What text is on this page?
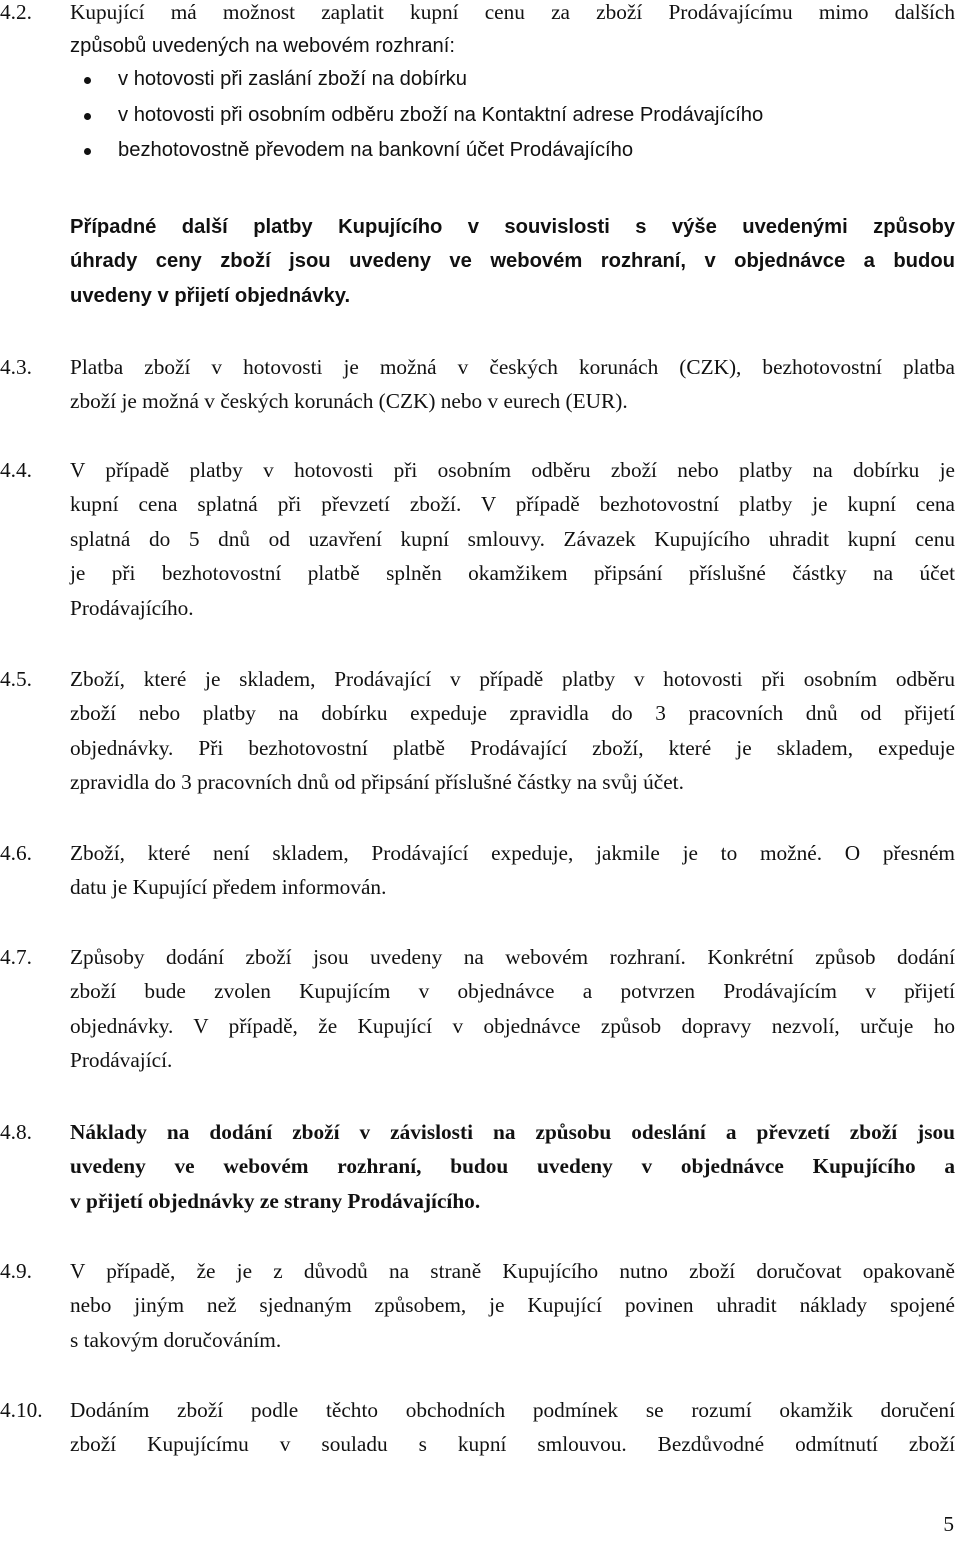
4.2.	Kupující má možnost zaplatit kupní cenu za zboží Prodávajícímu mimo dalších
způsobů uvedených na webovém rozhraní:
v hotovosti při zaslání zboží na dobírku
v hotovosti při osobním odběru zboží na Kontaktní adrese Prodávajícího
bezhotovostně převodem na bankovní účet Prodávajícího
Případné další platby Kupujícího v souvislosti s výše uvedenými způsoby
úhrady ceny zboží jsou uvedeny ve webovém rozhraní, v objednávce a budou
uvedeny v přijetí objednávky.
4.3.	Platba zboží v hotovosti je možná v českých korunách (CZK), bezhotovostní platba
zboží je možná v českých korunách (CZK) nebo v eurech (EUR).
4.4.	V případě platby v hotovosti při osobním odběru zboží nebo platby na dobírku je
kupní cena splatná při převzetí zboží. V případě bezhotovostní platby je kupní cena
splatná do 5 dnů od uzavření kupní smlouvy. Závazek Kupujícího uhradit kupní cenu
je při bezhotovostní platbě splněn okamžikem připsání příslušné částky na účet
Prodávajícího.
4.5.	Zboží, které je skladem, Prodávající v případě platby v hotovosti při osobním odběru
zboží nebo platby na dobírku expeduje zpravidla do 3 pracovních dnů od přijetí
objednávky. Při bezhotovostní platbě Prodávající zboží, které je skladem, expeduje
zpravidla do 3 pracovních dnů od připsání příslušné částky na svůj účet.
4.6.	Zboží, které není skladem, Prodávající expeduje, jakmile je to možné. O přesném
datu je Kupující předem informován.
4.7.	Způsoby dodání zboží jsou uvedeny na webovém rozhraní. Konkrétní způsob dodání
zboží bude zvolen Kupujícím v objednávce a potvrzen Prodávajícím v přijetí
objednávky. V případě, že Kupující v objednávce způsob dopravy nezvolí, určuje ho
Prodávající.
4.8.	Náklady na dodání zboží v závislosti na způsobu odeslání a převzetí zboží jsou
uvedeny ve webovém rozhraní, budou uvedeny v objednávce Kupujícího a
v přijetí objednávky ze strany Prodávajícího.
4.9.	V případě, že je z důvodů na straně Kupujícího nutno zboží doručovat opakovaně
nebo jiným než sjednaným způsobem, je Kupující povinen uhradit náklady spojené
s takovým doručováním.
4.10.	Dodáním zboží podle těchto obchodních podmínek se rozumí okamžik doručení
zboží Kupujícímu v souladu s kupní smlouvou. Bezdůvodné odmítnutí zboží
5
